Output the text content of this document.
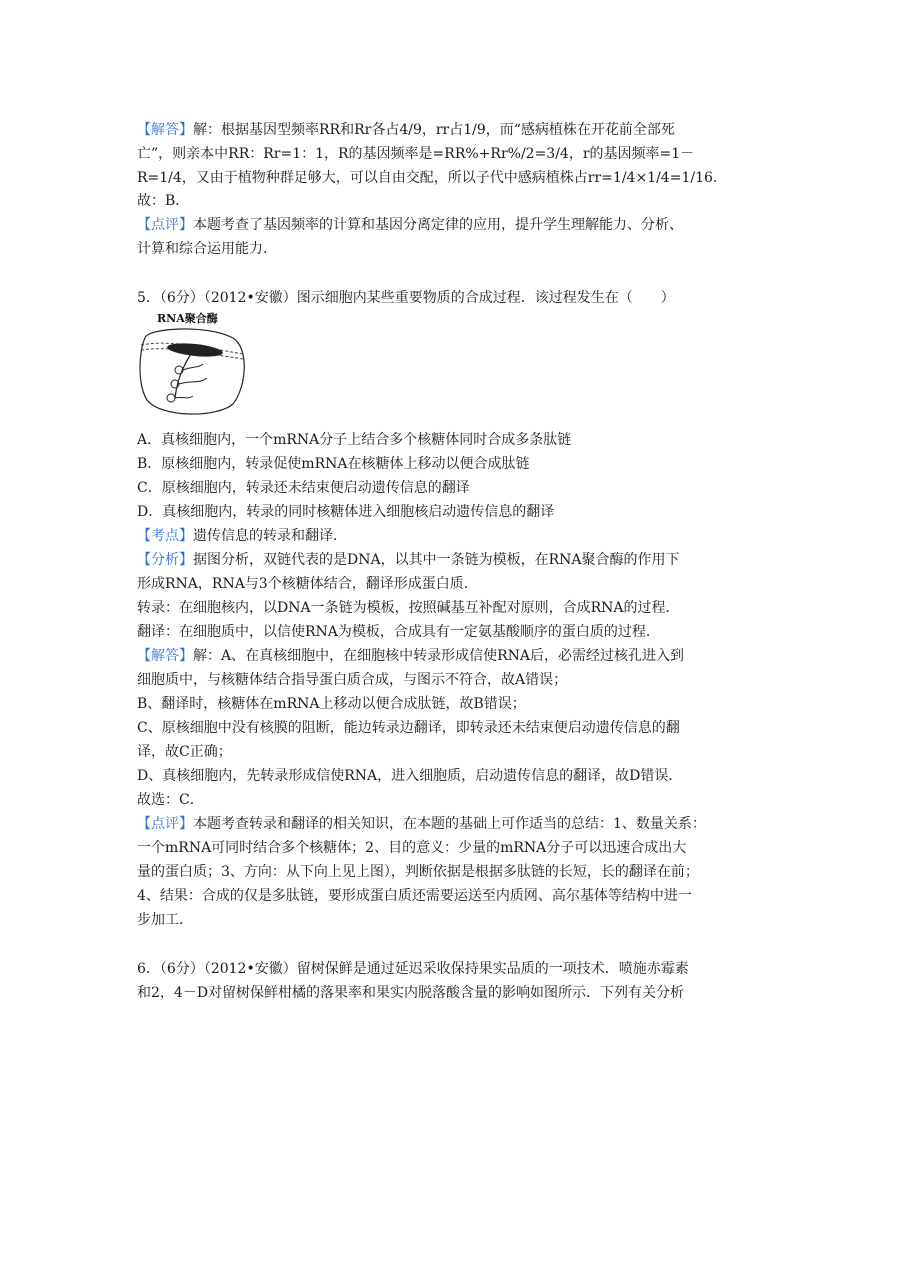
【解答】解：根据基因型频率RR和Rr各占4/9，rr占1/9，而“感病植株在开花前全部死
亡”，则亲本中RR：Rr=1：1，R的基因频率是=RR%+Rr%/2=3/4，r的基因频率=1－
R=1/4，又由于植物种群足够大，可以自由交配，所以子代中感病植株占rr=1/4×1/4=1/16．
故：B．
【点评】本题考查了基因频率的计算和基因分离定律的应用，提升学生理解能力、分析、
计算和综合运用能力．
5．（6分）（2012•安徽）图示细胞内某些重要物质的合成过程．该过程发生在（　　）
RNA聚合酶
A．真核细胞内，一个mRNA分子上结合多个核糖体同时合成多条肽链
B．原核细胞内，转录促使mRNA在核糖体上移动以便合成肽链
C．原核细胞内，转录还未结束便启动遗传信息的翻译
D．真核细胞内，转录的同时核糖体进入细胞核启动遗传信息的翻译
【考点】遗传信息的转录和翻译．
【分析】据图分析，双链代表的是DNA，以其中一条链为模板，在RNA聚合酶的作用下
形成RNA，RNA与3个核糖体结合，翻译形成蛋白质．
转录：在细胞核内，以DNA一条链为模板，按照碱基互补配对原则，合成RNA的过程．
翻译：在细胞质中，以信使RNA为模板，合成具有一定氨基酸顺序的蛋白质的过程．
【解答】解：A、在真核细胞中，在细胞核中转录形成信使RNA后，必需经过核孔进入到
细胞质中，与核糖体结合指导蛋白质合成，与图示不符合，故A错误；
B、翻译时，核糖体在mRNA上移动以便合成肽链，故B错误；
C、原核细胞中没有核膜的阻断，能边转录边翻译，即转录还未结束便启动遗传信息的翻
译，故C正确；
D、真核细胞内，先转录形成信使RNA，进入细胞质，启动遗传信息的翻译，故D错误．
故选：C．
【点评】本题考查转录和翻译的相关知识，在本题的基础上可作适当的总结：1、数量关系：
一个mRNA可同时结合多个核糖体；2、目的意义：少量的mRNA分子可以迅速合成出大
量的蛋白质；3、方向：从下向上见上图），判断依据是根据多肽链的长短，长的翻译在前；
4、结果：合成的仅是多肽链，要形成蛋白质还需要运送至内质网、高尔基体等结构中进一
步加工．
6．（6分）（2012•安徽）留树保鲜是通过延迟采收保持果实品质的一项技术．喷施赤霉素
和2，4－D对留树保鲜柑橘的落果率和果实内脱落酸含量的影响如图所示．下列有关分析
